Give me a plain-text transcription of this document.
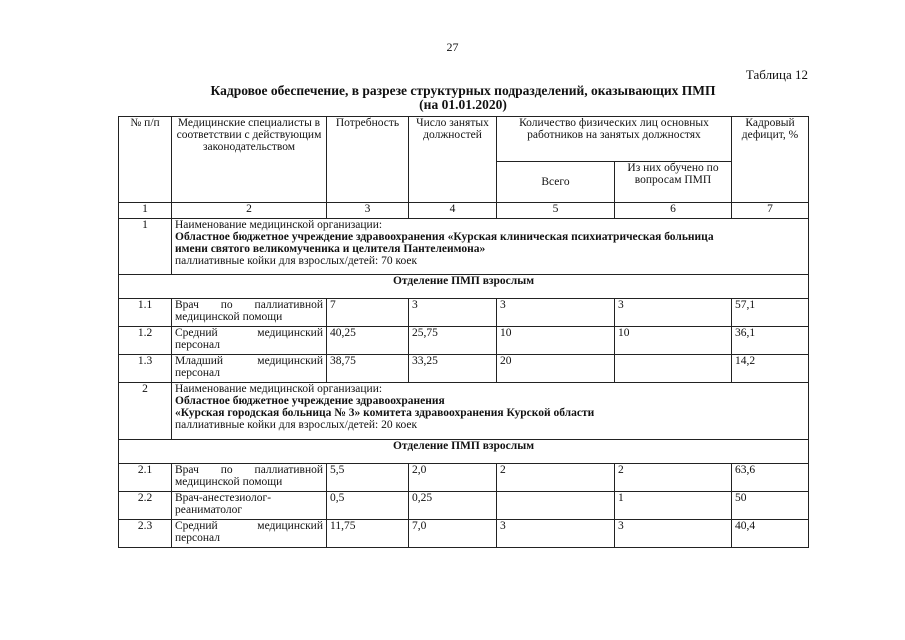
27
Таблица 12
Кадровое обеспечение, в разрезе структурных подразделений, оказывающих ПМП
(на 01.01.2020)
№ п/п	Медицинские специалисты в соответствии с действующим законодательством	Потребность	Число занятых должностей	Количество физических лиц основных работников на занятых должностях		Кадровый дефицит, %
				Всего	Из них обучено по вопросам ПМП	
1	2	3	4	5	6	7
1	Наименование медицинской организации:
Областное бюджетное учреждение здравоохранения «Курская клиническая психиатрическая больница
имени святого великомученика и целителя Пантелеимона»
паллиативные койки для взрослых/детей: 70 коек					

Отделение ПМП взрослым						
1.1	Врач по паллиативной
медицинской помощи	7	3	3	3	57,1
1.2	Средний медицинский
персонал	40,25	25,75	10	10	36,1
1.3	Младший медицинский
персонал	38,75	33,25	20		14,2
2	Наименование медицинской организации:
Областное бюджетное учреждение здравоохранения
«Курская городская больница № 3» комитета здравоохранения Курской области
паллиативные койки для взрослых/детей: 20 коек					

Отделение ПМП взрослым						
2.1	Врач по паллиативной
медицинской помощи	5,5	2,0	2	2	63,6
2.2	Врач-анестезиолог-
реаниматолог	0,5	0,25		1	50
2.3	Средний медицинский
персонал	11,75	7,0	3	3	40,4
